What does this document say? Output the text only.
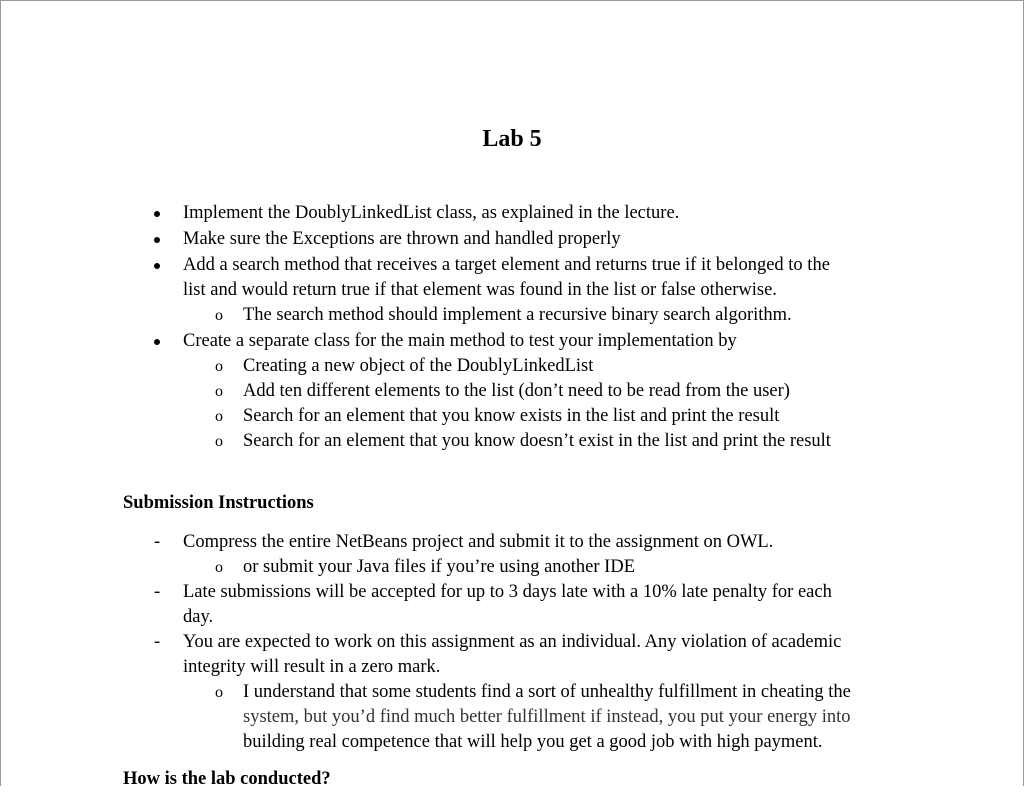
Lab 5
Implement the DoublyLinkedList class, as explained in the lecture.
Make sure the Exceptions are thrown and handled properly
Add a search method that receives a target element and returns true if it belonged to the
list and would return true if that element was found in the list or false otherwise.
o The search method should implement a recursive binary search algorithm.
Create a separate class for the main method to test your implementation by
o Creating a new object of the DoublyLinkedList
o Add ten different elements to the list (don’t need to be read from the user)
o Search for an element that you know exists in the list and print the result
o Search for an element that you know doesn’t exist in the list and print the result
Submission Instructions
- Compress the entire NetBeans project and submit it to the assignment on OWL.
o or submit your Java files if you’re using another IDE
- Late submissions will be accepted for up to 3 days late with a 10% late penalty for each
day.
- You are expected to work on this assignment as an individual. Any violation of academic
integrity will result in a zero mark.
o I understand that some students find a sort of unhealthy fulfillment in cheating the
system, but you’d find much better fulfillment if instead, you put your energy into
building real competence that will help you get a good job with high payment.
How is the lab conducted?
